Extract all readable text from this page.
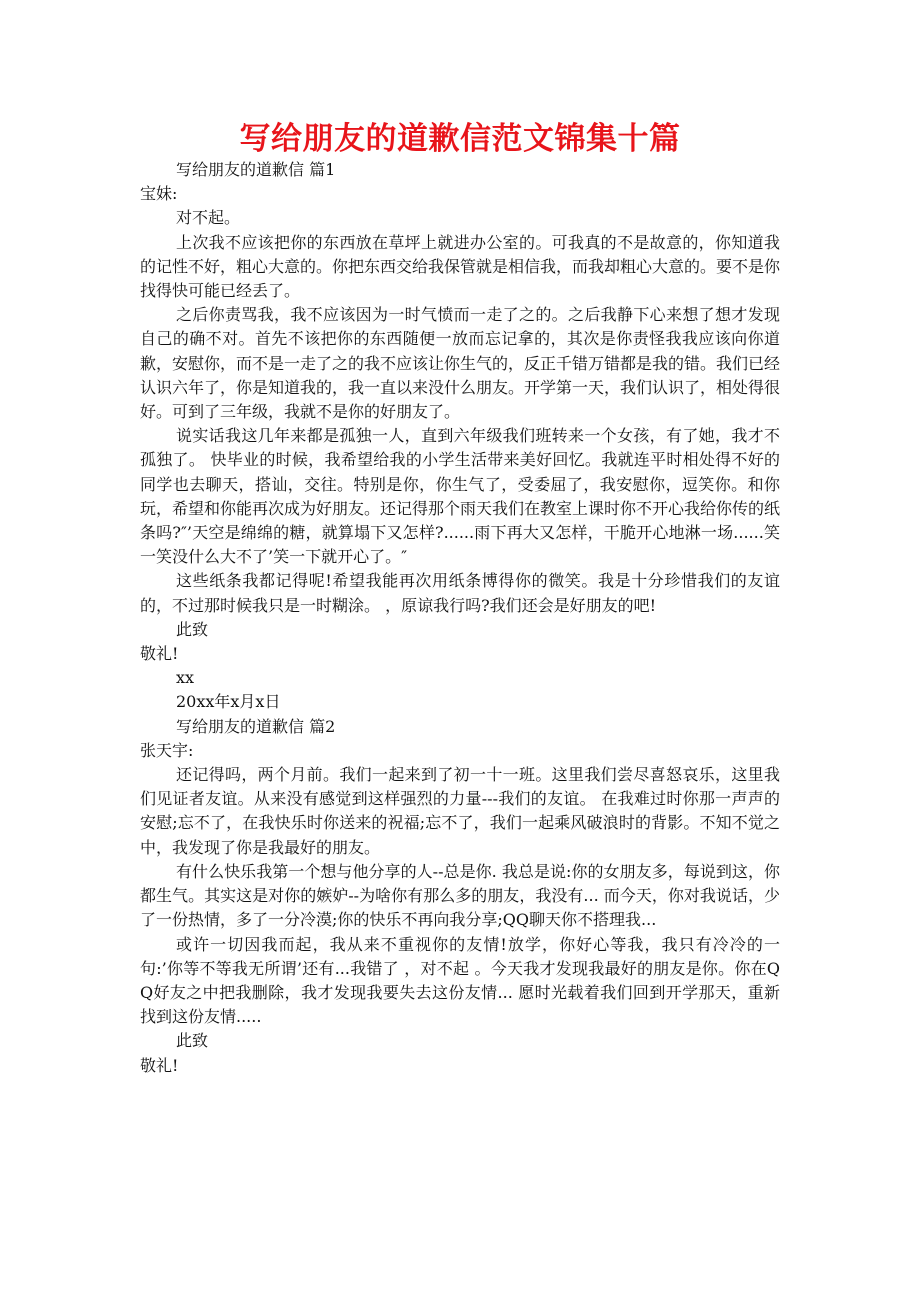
写给朋友的道歉信范文锦集十篇

写给朋友的道歉信 篇1

宝妹:

对不起。

上次我不应该把你的东西放在草坪上就进办公室的。可我真的不是故意的，你知道我的记性不好，粗心大意的。你把东西交给我保管就是相信我，而我却粗心大意的。要不是你找得快可能已经丢了。

之后你责骂我，我不应该因为一时气愤而一走了之的。之后我静下心来想了想才发现自己的确不对。首先不该把你的东西随便一放而忘记拿的，其次是你责怪我我应该向你道歉，安慰你，而不是一走了之的我不应该让你生气的，反正千错万错都是我的错。我们已经认识六年了，你是知道我的，我一直以来没什么朋友。开学第一天，我们认识了，相处得很好。可到了三年级，我就不是你的好朋友了。

说实话我这几年来都是孤独一人，直到六年级我们班转来一个女孩，有了她，我才不孤独了。 快毕业的时候，我希望给我的小学生活带来美好回忆。我就连平时相处得不好的同学也去聊天，搭讪，交往。特别是你，你生气了，受委屈了，我安慰你，逗笑你。和你玩，希望和你能再次成为好朋友。还记得那个雨天我们在教室上课时你不开心我给你传的纸条吗?″’天空是绵绵的糖，就算塌下又怎样?......雨下再大又怎样，干脆开心地淋一场......笑一笑没什么大不了’笑一下就开心了。″

这些纸条我都记得呢!希望我能再次用纸条博得你的微笑。我是十分珍惜我们的友谊的，不过那时候我只是一时糊涂。 ，原谅我行吗?我们还会是好朋友的吧!

此致

敬礼!

xx

20xx年x月x日

写给朋友的道歉信 篇2

张天宇:

还记得吗，两个月前。我们一起来到了初一十一班。这里我们尝尽喜怒哀乐，这里我们见证者友谊。从来没有感觉到这样强烈的力量---我们的友谊。 在我难过时你那一声声的安慰;忘不了，在我快乐时你送来的祝福;忘不了，我们一起乘风破浪时的背影。不知不觉之中，我发现了你是我最好的朋友。

有什么快乐我第一个想与他分享的人--总是你. 我总是说:你的女朋友多，每说到这，你都生气。其实这是对你的嫉妒--为啥你有那么多的朋友，我没有... 而今天，你对我说话，少了一份热情，多了一分冷漠;你的快乐不再向我分享;QQ聊天你不搭理我...

或许一切因我而起，我从来不重视你的友情!放学，你好心等我，我只有冷冷的一句:’你等不等我无所谓’还有...我错了 ，对不起 。今天我才发现我最好的朋友是你。你在QQ好友之中把我删除，我才发现我要失去这份友情... 愿时光载着我们回到开学那天，重新找到这份友情.....

此致

敬礼!
